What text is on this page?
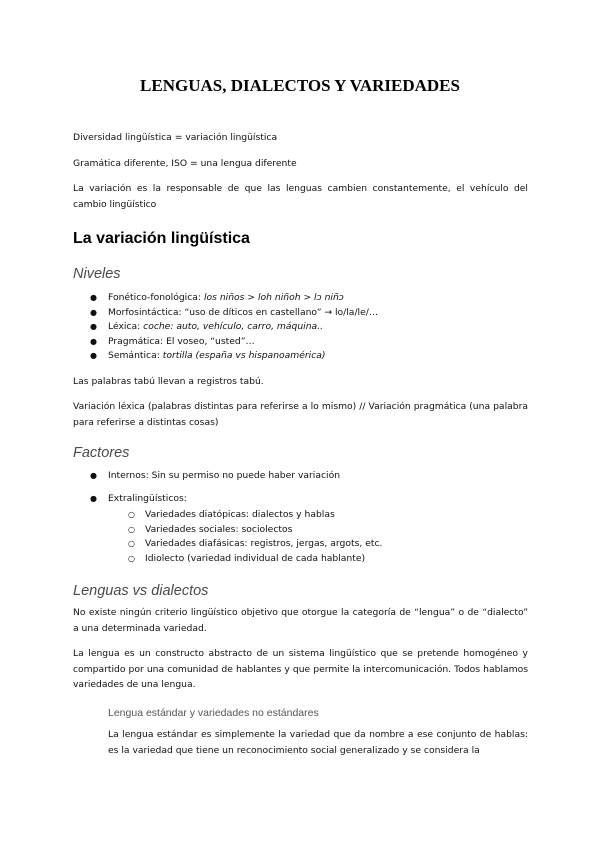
LENGUAS, DIALECTOS Y VARIEDADES
Diversidad lingüística = variación lingüística
Gramática diferente, ISO = una lengua diferente
La variación es la responsable de que las lenguas cambien constantemente, el vehículo del cambio lingüístico
La variación lingüística
Niveles
● Fonético-fonológica: los niños > loh niñoh > lɔ niñɔ
● Morfosintáctica: “uso de díticos en castellano” → lo/la/le/…
● Léxica: coche: auto, vehículo, carro, máquina..
● Pragmática: El voseo, “usted”…
● Semántica: tortilla (españa vs hispanoamérica)
Las palabras tabú llevan a registros tabú.
Variación léxica (palabras distintas para referirse a lo mismo) // Variación pragmática (una palabra para referirse a distintas cosas)
Factores
● Internos: Sin su permiso no puede haber variación
● Extralingüísticos:
○ Variedades diatópicas: dialectos y hablas
○ Variedades sociales: sociolectos
○ Variedades diafásicas: registros, jergas, argots, etc.
○ Idiolecto (variedad individual de cada hablante)
Lenguas vs dialectos
No existe ningún criterio lingüístico objetivo que otorgue la categoría de “lengua” o de “dialecto” a una determinada variedad.
La lengua es un constructo abstracto de un sistema lingüístico que se pretende homogéneo y compartido por una comunidad de hablantes y que permite la intercomunicación. Todos hablamos variedades de una lengua.
Lengua estándar y variedades no estándares
La lengua estándar es simplemente la variedad que da nombre a ese conjunto de hablas: es la variedad que tiene un reconocimiento social generalizado y se considera la
